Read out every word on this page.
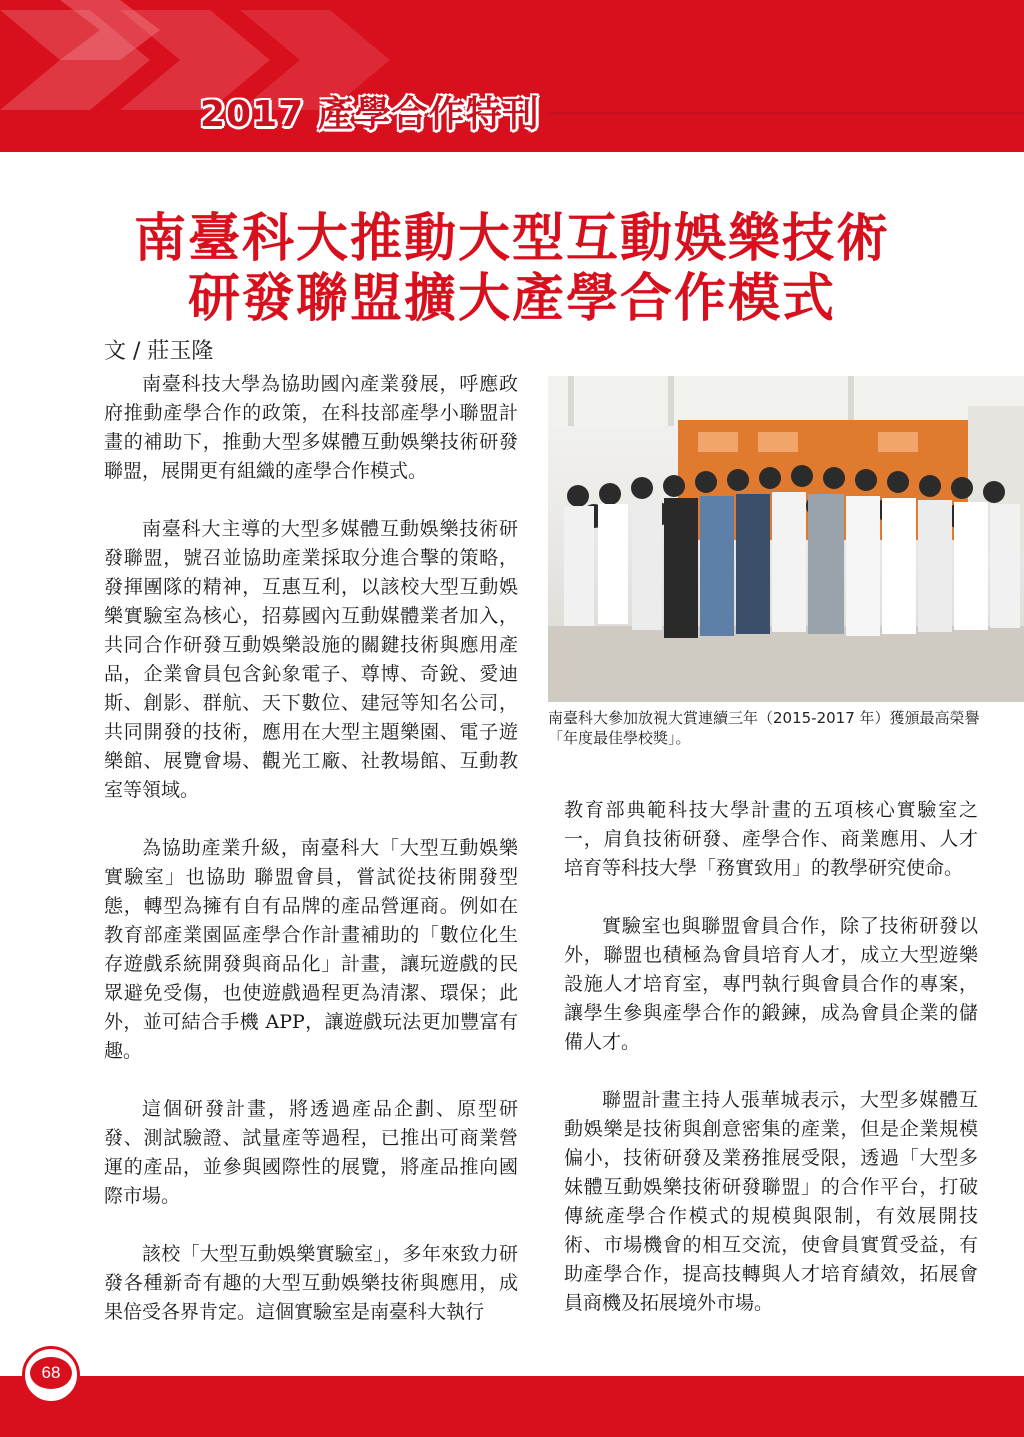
2017 產學合作特刊
南臺科大推動大型互動娛樂技術
研發聯盟擴大產學合作模式
文 / 莊玉隆

南臺科技大學為協助國內產業發展，呼應政府推動產學合作的政策，在科技部產學小聯盟計畫的補助下，推動大型多媒體互動娛樂技術研發聯盟，展開更有組織的產學合作模式。

南臺科大主導的大型多媒體互動娛樂技術研發聯盟，號召並協助產業採取分進合擊的策略，發揮團隊的精神，互惠互利，以該校大型互動娛樂實驗室為核心，招募國內互動媒體業者加入，共同合作研發互動娛樂設施的關鍵技術與應用產品，企業會員包含鈊象電子、尊博、奇銳、愛迪斯、創影、群航、天下數位、建冠等知名公司，共同開發的技術，應用在大型主題樂園、電子遊樂館、展覽會場、觀光工廠、社教場館、互動教室等領域。

為協助產業升級，南臺科大「大型互動娛樂實驗室」也協助 聯盟會員，嘗試從技術開發型態，轉型為擁有自有品牌的產品營運商。例如在教育部產業園區產學合作計畫補助的「數位化生存遊戲系統開發與商品化」計畫，讓玩遊戲的民眾避免受傷，也使遊戲過程更為清潔、環保；此外，並可結合手機 APP，讓遊戲玩法更加豐富有趣。

這個研發計畫，將透過產品企劃、原型研發、測試驗證、試量產等過程，已推出可商業營運的產品，並參與國際性的展覽，將產品推向國際市場。

該校「大型互動娛樂實驗室」，多年來致力研發各種新奇有趣的大型互動娛樂技術與應用，成果倍受各界肯定。這個實驗室是南臺科大執行

南臺科大參加放視大賞連續三年（2015-2017 年）獲頒最高榮譽「年度最佳學校獎」。

教育部典範科技大學計畫的五項核心實驗室之一，肩負技術研發、產學合作、商業應用、人才培育等科技大學「務實致用」的教學研究使命。

實驗室也與聯盟會員合作，除了技術研發以外，聯盟也積極為會員培育人才，成立大型遊樂設施人才培育室，專門執行與會員合作的專案，讓學生參與產學合作的鍛鍊，成為會員企業的儲備人才。

聯盟計畫主持人張華城表示，大型多媒體互動娛樂是技術與創意密集的產業，但是企業規模偏小，技術研發及業務推展受限，透過「大型多妹體互動娛樂技術研發聯盟」的合作平台，打破傳統產學合作模式的規模與限制，有效展開技術、市場機會的相互交流，使會員實質受益，有助產學合作，提高技轉與人才培育績效，拓展會員商機及拓展境外市場。

68
